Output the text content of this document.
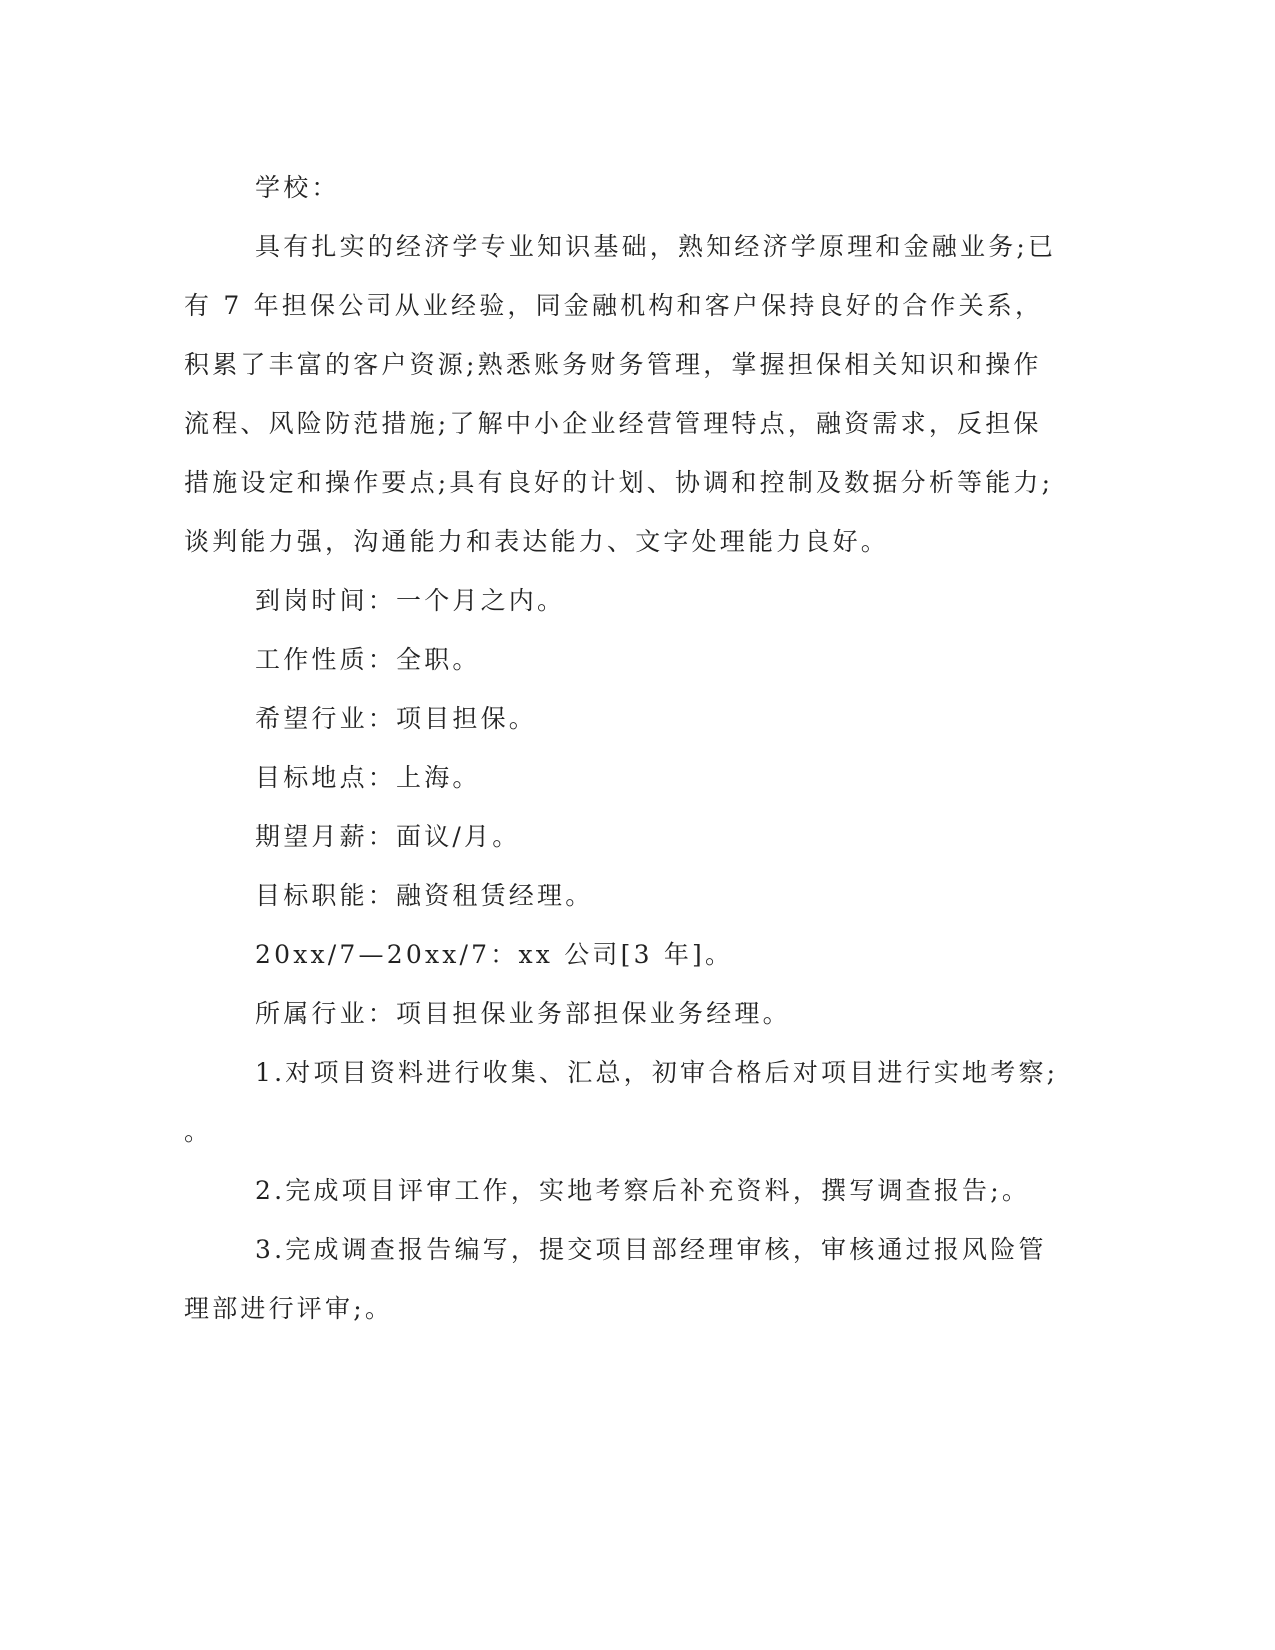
学校：

具有扎实的经济学专业知识基础，熟知经济学原理和金融业务;已
有 7 年担保公司从业经验，同金融机构和客户保持良好的合作关系，
积累了丰富的客户资源;熟悉账务财务管理，掌握担保相关知识和操作
流程、风险防范措施;了解中小企业经营管理特点，融资需求，反担保
措施设定和操作要点;具有良好的计划、协调和控制及数据分析等能力;
谈判能力强，沟通能力和表达能力、文字处理能力良好。

到岗时间：一个月之内。

工作性质：全职。

希望行业：项目担保。

目标地点：上海。

期望月薪：面议/月。

目标职能：融资租赁经理。

20xx/7—20xx/7：xx 公司[3 年]。

所属行业：项目担保业务部担保业务经理。

1.对项目资料进行收集、汇总，初审合格后对项目进行实地考察;
。

2.完成项目评审工作，实地考察后补充资料，撰写调查报告;。

3.完成调查报告编写，提交项目部经理审核，审核通过报风险管
理部进行评审;。
